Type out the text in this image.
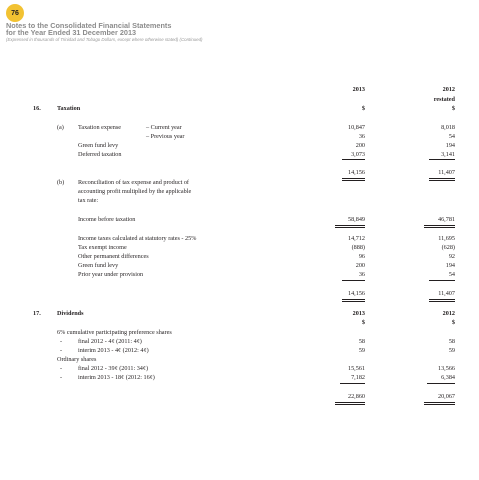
76
Notes to the Consolidated Financial Statements
for the Year Ended 31 December 2013
(Expressed in thousands of Trinidad and Tobago Dollars, except where otherwise stated) (Continued)
2013	2012
restated
$	$
16.	Taxation
(a) Taxation expense	– Current year	10,847	8,018
– Previous year	36	54
Green fund levy	200	194
Deferred taxation	3,073	3,141
14,156	11,407
(b) Reconciliation of tax expense and product of
accounting profit multiplied by the applicable
tax rate:
Income before taxation	58,849	46,781
Income taxes calculated at statutory rates - 25%	14,712	11,695
Tax exempt income	(888)	(628)
Other permanent differences	96	92
Green fund levy	200	194
Prior year under provision	36	54
14,156	11,407
17.	Dividends	2013	2012
$	$
6% cumulative participating preference shares
-	final 2012 - 4¢ (2011: 4¢)	58	58
-	interim 2013 - 4¢ (2012: 4¢)	59	59
Ordinary shares
-	final 2012 - 39¢ (2011: 34¢)	15,561	13,566
-	interim 2013 - 18¢ (2012: 16¢)	7,182	6,384
22,860	20,067
